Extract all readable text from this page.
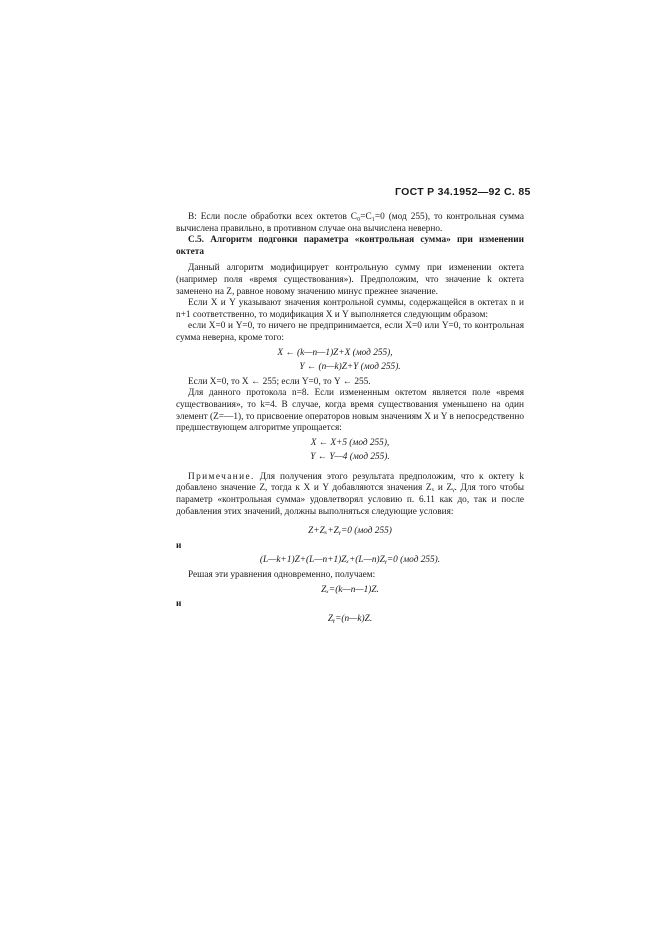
ГОСТ Р 34.1952—92 С. 85

В: Если после обработки всех октетов C₀=C₁=0 (мод 255), то контрольная сумма вычислена правильно, в противном случае она вычислена неверно.

C.5. Алгоритм подгонки параметра «контрольная сумма» при изменении октета

Данный алгоритм модифицирует контрольную сумму при изменении октета (например поля «время существования»). Предположим, что значение k октета заменено на Z, равное новому значению минус прежнее значение.

Если X и Y указывают значения контрольной суммы, содержащейся в октетах n и n+1 соответственно, то модификация X и Y выполняется следующим образом:

если X=0 и Y=0, то ничего не предпринимается, если X=0 или Y=0, то контрольная сумма неверна, кроме того:

X ← (k—n—1)Z+X (мод 255),
Y ← (n—k)Z+Y (мод 255).

Если X=0, то X ← 255; если Y=0, то Y ← 255.

Для данного протокола n=8. Если измененным октетом является поле «время существования», то k=4. В случае, когда время существования уменьшено на один элемент (Z=—1), то присвоение операторов новым значениям X и Y в непосредственно предшествующем алгоритме упрощается:

X ← X+5 (мод 255),
Y ← Y—4 (мод 255).

Примечание. Для получения этого результата предположим, что к октету k добавлено значение Z, тогда к X и Y добавляются значения Zₓ и Zᵧ. Для того чтобы параметр «контрольная сумма» удовлетворял условию п. 6.11 как до, так и после добавления этих значений, должны выполняться следующие условия:

Z+Zₓ+Zᵧ=0 (мод 255)
и
(L—k+1)Z+(L—n+1)Zₓ+(L—n)Zᵧ=0 (мод 255).

Решая эти уравнения одновременно, получаем:

Zₓ=(k—n—1)Z.
и
Zᵧ=(n—k)Z.
